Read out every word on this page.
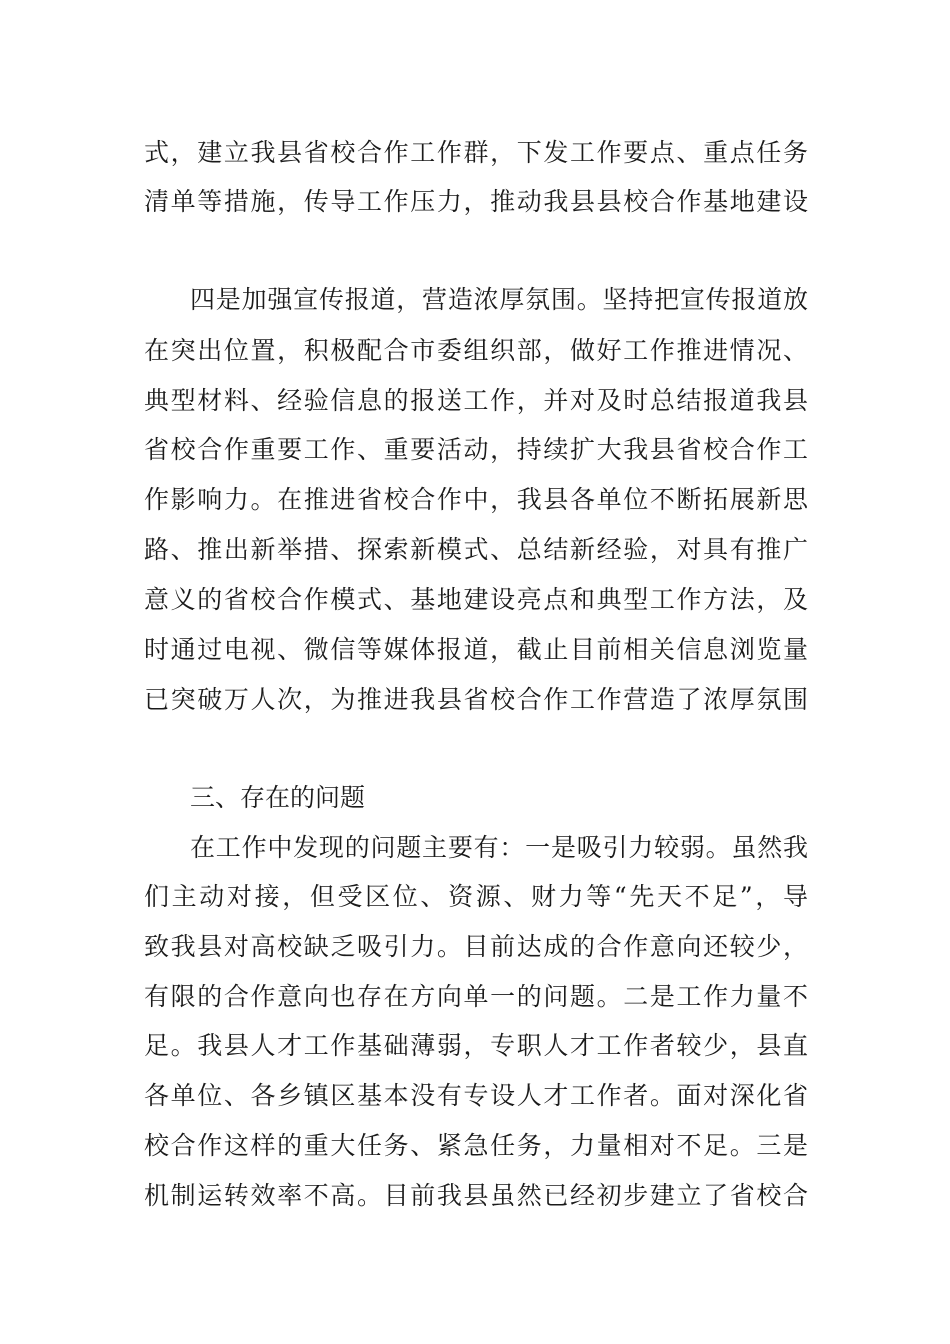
式，建立我县省校合作工作群，下发工作要点、重点任务
清单等措施，传导工作压力，推动我县县校合作基地建设
四是加强宣传报道，营造浓厚氛围。坚持把宣传报道放
在突出位置，积极配合市委组织部，做好工作推进情况、
典型材料、经验信息的报送工作，并对及时总结报道我县
省校合作重要工作、重要活动，持续扩大我县省校合作工
作影响力。在推进省校合作中，我县各单位不断拓展新思
路、推出新举措、探索新模式、总结新经验，对具有推广
意义的省校合作模式、基地建设亮点和典型工作方法，及
时通过电视、微信等媒体报道，截止目前相关信息浏览量
已突破万人次，为推进我县省校合作工作营造了浓厚氛围
三、存在的问题
在工作中发现的问题主要有：一是吸引力较弱。虽然我
们主动对接，但受区位、资源、财力等“先天不足”，导
致我县对高校缺乏吸引力。目前达成的合作意向还较少，
有限的合作意向也存在方向单一的问题。二是工作力量不
足。我县人才工作基础薄弱，专职人才工作者较少，县直
各单位、各乡镇区基本没有专设人才工作者。面对深化省
校合作这样的重大任务、紧急任务，力量相对不足。三是
机制运转效率不高。目前我县虽然已经初步建立了省校合
